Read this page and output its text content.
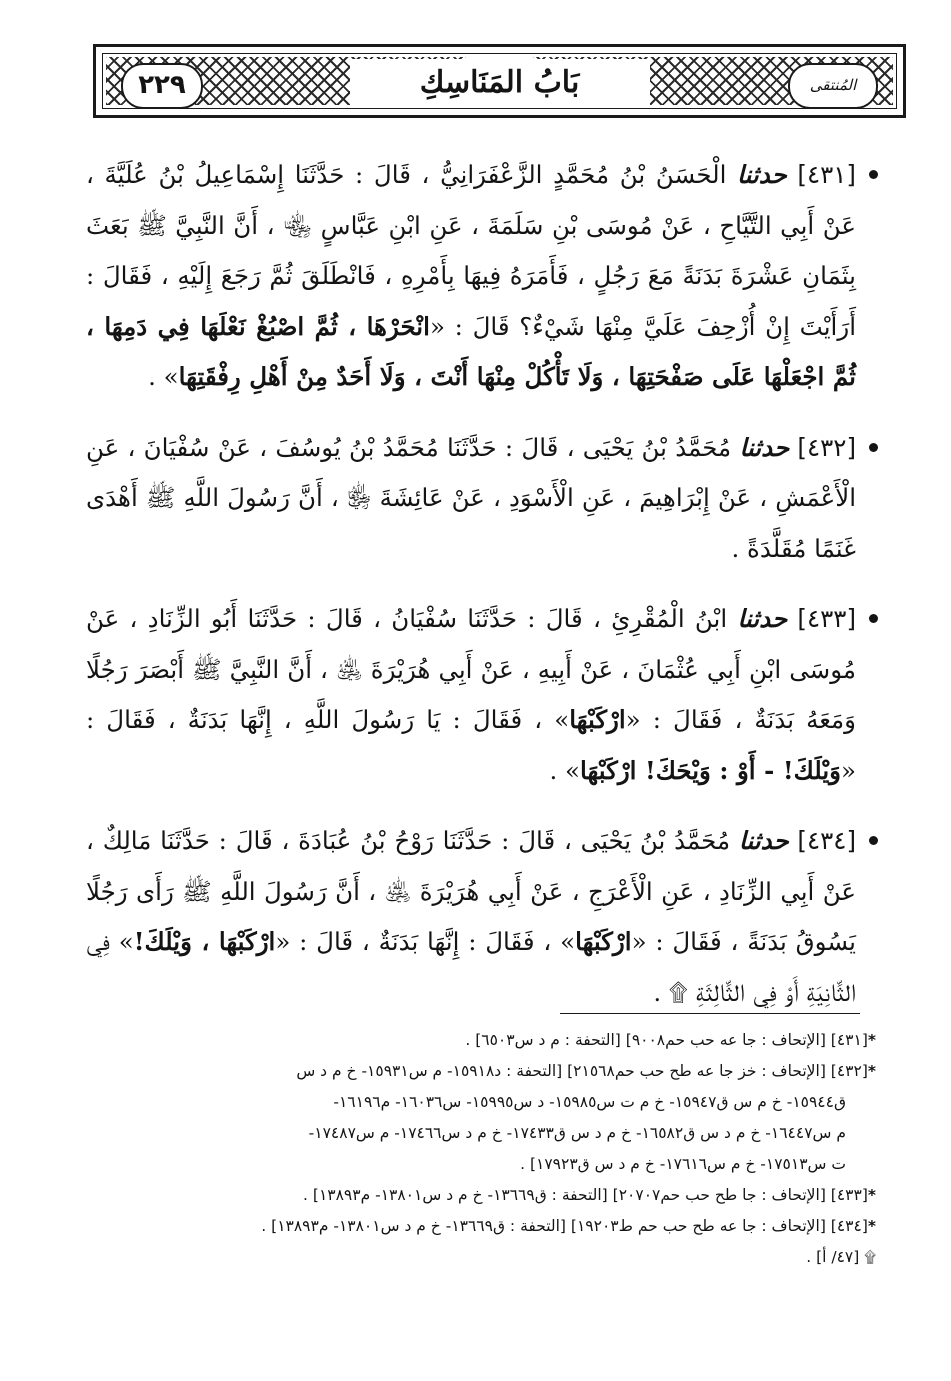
٢٢٩	بَابُ المَنَاسِكِ	المُنتقى

[٤٣١] حدثنا الْحَسَنُ بْنُ مُحَمَّدٍ الزَّعْفَرَانِيُّ ، قَالَ : حَدَّثَنَا إِسْمَاعِيلُ بْنُ عُلَيَّةَ ، عَنْ أَبِي التَّيَّاحِ ، عَنْ مُوسَى بْنِ سَلَمَةَ ، عَنِ ابْنِ عَبَّاسٍ ﵄ ، أَنَّ النَّبِيَّ ﷺ بَعَثَ بِثَمَانِ عَشْرَةَ بَدَنَةً مَعَ رَجُلٍ ، فَأَمَرَهُ فِيهَا بِأَمْرِهِ ، فَانْطَلَقَ ثُمَّ رَجَعَ إِلَيْهِ ، فَقَالَ : أَرَأَيْتَ إِنْ أُزْحِفَ عَلَيَّ مِنْهَا شَيْءٌ؟ قَالَ : «انْحَرْهَا ، ثُمَّ اصْبُغْ نَعْلَهَا فِي دَمِهَا ، ثُمَّ اجْعَلْهَا عَلَى صَفْحَتِهَا ، وَلَا تَأْكُلْ مِنْهَا أَنْتَ ، وَلَا أَحَدٌ مِنْ أَهْلِ رِفْقَتِهَا» .

[٤٣٢] حدثنا مُحَمَّدُ بْنُ يَحْيَى ، قَالَ : حَدَّثَنَا مُحَمَّدُ بْنُ يُوسُفَ ، عَنْ سُفْيَانَ ، عَنِ الْأَعْمَشِ ، عَنْ إِبْرَاهِيمَ ، عَنِ الْأَسْوَدِ ، عَنْ عَائِشَةَ ﵂ ، أَنَّ رَسُولَ اللَّهِ ﷺ أَهْدَى غَنَمًا مُقَلَّدَةً .

[٤٣٣] حدثنا ابْنُ الْمُقْرِئِ ، قَالَ : حَدَّثَنَا سُفْيَانُ ، قَالَ : حَدَّثَنَا أَبُو الزِّنَادِ ، عَنْ مُوسَى ابْنِ أَبِي عُثْمَانَ ، عَنْ أَبِيهِ ، عَنْ أَبِي هُرَيْرَةَ ﵁ ، أَنَّ النَّبِيَّ ﷺ أَبْصَرَ رَجُلًا وَمَعَهُ بَدَنَةٌ ، فَقَالَ : «ارْكَبْهَا» ، فَقَالَ : يَا رَسُولَ اللَّهِ ، إِنَّهَا بَدَنَةٌ ، فَقَالَ : «وَيْلَكَ! - أَوْ : وَيْحَكَ! ارْكَبْهَا» .

[٤٣٤] حدثنا مُحَمَّدُ بْنُ يَحْيَى ، قَالَ : حَدَّثَنَا رَوْحُ بْنُ عُبَادَةَ ، قَالَ : حَدَّثَنَا مَالِكٌ ، عَنْ أَبِي الزِّنَادِ ، عَنِ الْأَعْرَجِ ، عَنْ أَبِي هُرَيْرَةَ ﵁ ، أَنَّ رَسُولَ اللَّهِ ﷺ رَأَى رَجُلًا يَسُوقُ بَدَنَةً ، فَقَالَ : «ارْكَبْهَا» ، فَقَالَ : إِنَّهَا بَدَنَةٌ ، قَالَ : «ارْكَبْهَا ، وَيْلَكَ!» فِي الثَّانِيَةِ أَوْ فِي الثَّالِثَةِ ۩ .

*[٤٣١] [الإتحاف : جا عه حب حم٩٠٠٨] [التحفة : م د س٦٥٠٣] .

*[٤٣٢] [الإتحاف : خز جا عه طح حب حم٢١٥٦٨] [التحفة : د١٥٩١٨- م س١٥٩٣١- خ م د س

ق١٥٩٤٤- خ م س ق١٥٩٤٧- خ م ت س١٥٩٨٥- د س١٥٩٩٥- س١٦٠٣٦- م١٦١٩٦-

م س١٦٤٤٧- خ م د س ق١٦٥٨٢- خ م د س ق١٧٤٣٣- خ م د س١٧٤٦٦- م س١٧٤٨٧-

ت س١٧٥١٣- خ م س١٧٦١٦- خ م د س ق١٧٩٢٣] .

*[٤٣٣] [الإتحاف : جا طح حب حم٢٠٧٠٧] [التحفة : ق١٣٦٦٩- خ م د س١٣٨٠١- م١٣٨٩٣] .

*[٤٣٤] [الإتحاف : جا عه طح حب حم ط١٩٢٠٣] [التحفة : ق١٣٦٦٩- خ م د س١٣٨٠١- م١٣٨٩٣] .

۩ [٤٧/ أ] .
